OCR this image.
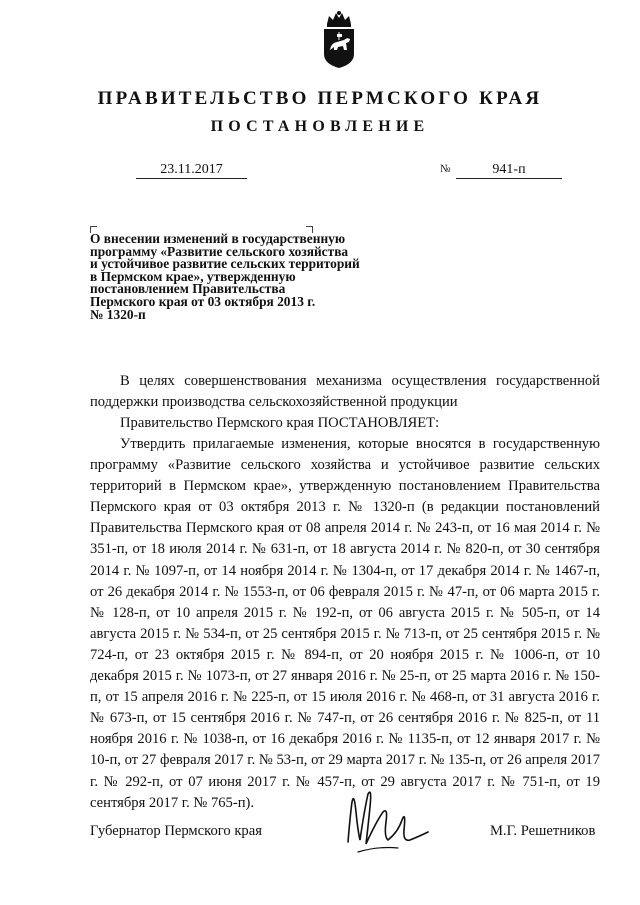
ПРАВИТЕЛЬСТВО ПЕРМСКОГО КРАЯ
ПОСТАНОВЛЕНИЕ
23.11.2017	№	941-п
О внесении изменений в государственную
программу «Развитие сельского хозяйства
и устойчивое развитие сельских территорий
в Пермском крае», утвержденную
постановлением Правительства
Пермского края от 03 октября 2013 г.
№ 1320-п
В целях совершенствования механизма осуществления государственной поддержки производства сельскохозяйственной продукции
Правительство Пермского края ПОСТАНОВЛЯЕТ:
Утвердить прилагаемые изменения, которые вносятся в государственную программу «Развитие сельского хозяйства и устойчивое развитие сельских территорий в Пермском крае», утвержденную постановлением Правительства Пермского края от 03 октября 2013 г. № 1320-п (в редакции постановлений Правительства Пермского края от 08 апреля 2014 г. № 243-п, от 16 мая 2014 г. № 351-п, от 18 июля 2014 г. № 631-п, от 18 августа 2014 г. № 820-п, от 30 сентября 2014 г. № 1097-п, от 14 ноября 2014 г. № 1304-п, от 17 декабря 2014 г. № 1467-п, от 26 декабря 2014 г. № 1553-п, от 06 февраля 2015 г. № 47-п, от 06 марта 2015 г. № 128-п, от 10 апреля 2015 г. № 192-п, от 06 августа 2015 г. № 505-п, от 14 августа 2015 г. № 534-п, от 25 сентября 2015 г. № 713-п, от 25 сентября 2015 г. № 724-п, от 23 октября 2015 г. № 894-п, от 20 ноября 2015 г. № 1006-п, от 10 декабря 2015 г. № 1073-п, от 27 января 2016 г. № 25-п, от 25 марта 2016 г. № 150-п, от 15 апреля 2016 г. № 225-п, от 15 июля 2016 г. № 468-п, от 31 августа 2016 г. № 673-п, от 15 сентября 2016 г. № 747-п, от 26 сентября 2016 г. № 825-п, от 11 ноября 2016 г. № 1038-п, от 16 декабря 2016 г. № 1135-п, от 12 января 2017 г. № 10-п, от 27 февраля 2017 г. № 53-п, от 29 марта 2017 г. № 135-п, от 26 апреля 2017 г. № 292-п, от 07 июня 2017 г. № 457-п, от 29 августа 2017 г. № 751-п, от 19 сентября 2017 г. № 765-п).
Губернатор Пермского края	М.Г. Решетников
